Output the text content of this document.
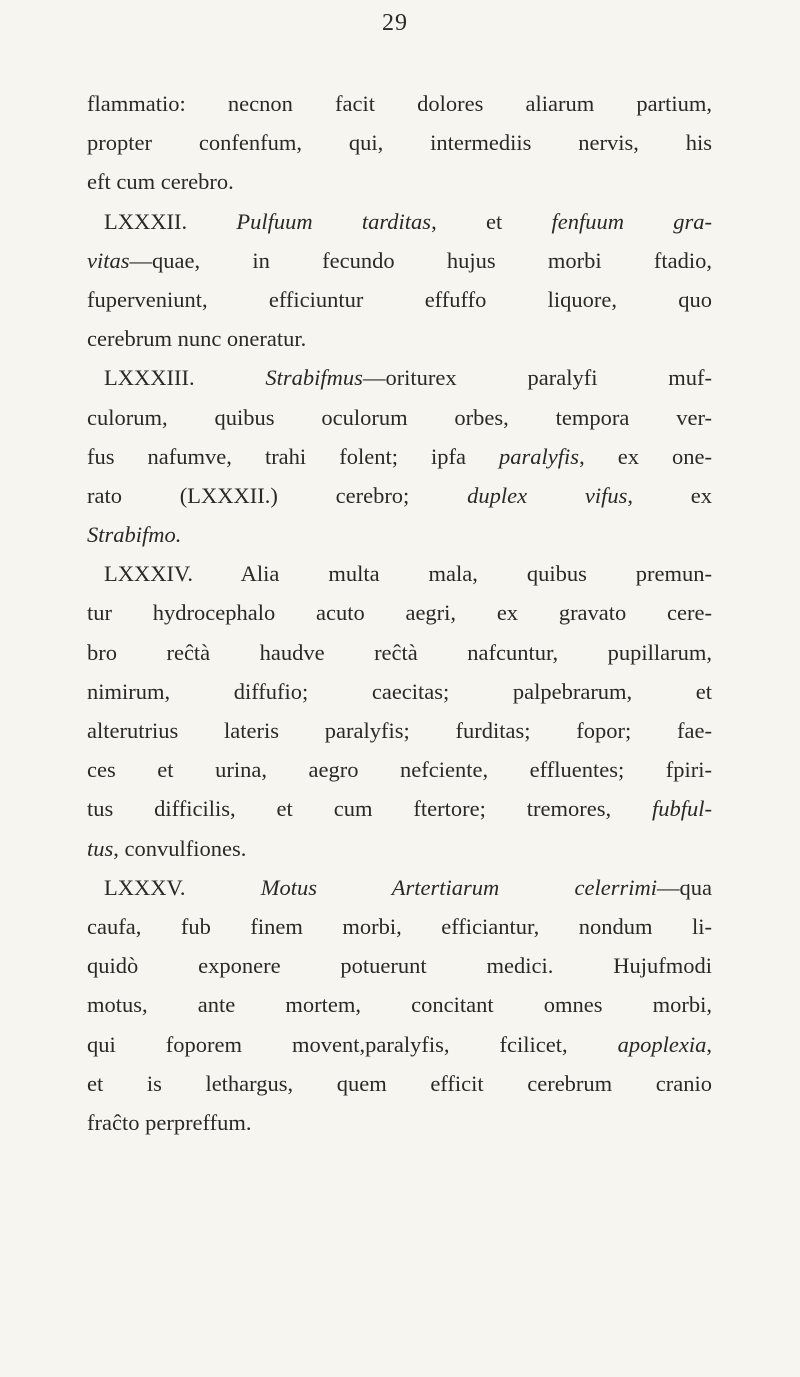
29
flammatio: necnon facit dolores aliarum partium,
propter confenfum, qui, intermediis nervis, his
eft cum cerebro.
LXXXII. Pulfuum tarditas, et fenfuum gra-
vitas—quae, in fecundo hujus morbi ftadio,
fuperveniunt, efficiuntur effuffo liquore, quo
cerebrum nunc oneratur.
LXXXIII. Strabifmus—oriturex paralyfi muf-
culorum, quibus oculorum orbes, tempora ver-
fus nafumve, trahi folent; ipfa paralyfis, ex one-
rato (LXXXII.) cerebro; duplex vifus, ex
Strabifmo.
LXXXIV. Alia multa mala, quibus premun-
tur hydrocephalo acuto aegri, ex gravato cere-
bro reĉtà haudve reĉtà nafcuntur, pupillarum,
nimirum, diffufio; caecitas; palpebrarum, et
alterutrius lateris paralyfis; furditas; fopor; fae-
ces et urina, aegro nefciente, effluentes; fpiri-
tus difficilis, et cum ftertore; tremores, fubful-
tus, convulfiones.
LXXXV. Motus Artertiarum celerrimi—qua
caufa, fub finem morbi, efficiantur, nondum li-
quidò exponere potuerunt medici. Hujufmodi
motus, ante mortem, concitant omnes morbi,
qui foporem movent,paralyfis, fcilicet, apoplexia,
et is lethargus, quem efficit cerebrum cranio
fraĉto perpreffum.
